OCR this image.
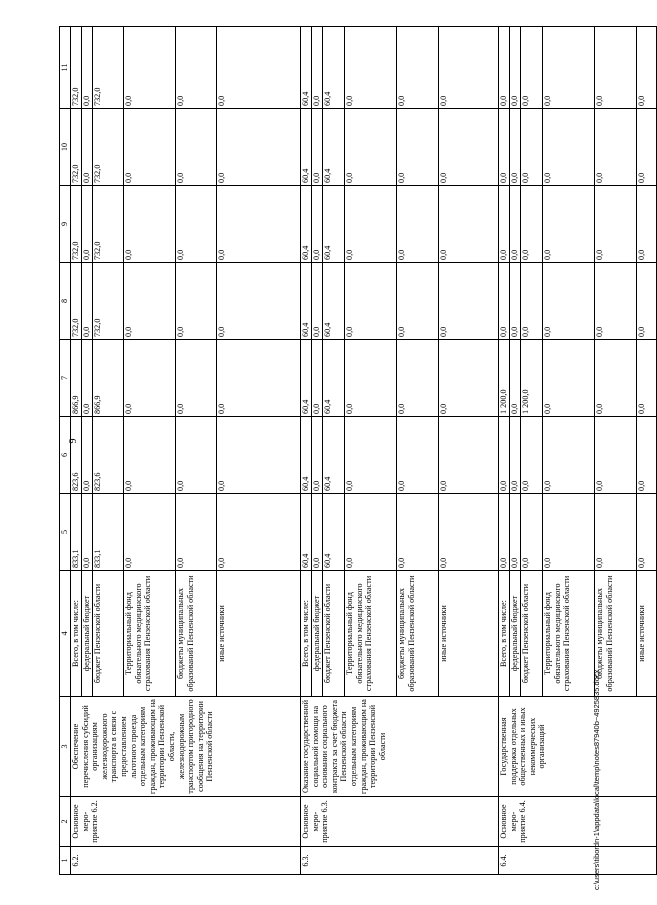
9
1	2	3	4	5	6	7	8	9	10	11
6.2.	Основное меро-приятие 6.2.	Обеспечение перечисления субсидий организациям железнодорожного транспорта в связи с предоставлением льготного проезда отдельным категориям граждан, проживающим на территории Пензенской области, железнодорожным транспортом пригородного сообщения на территории Пензенской области	Всего, в том числе:	833,1	823,6	866,9	732,0	732,0	732,0	732,0
			федеральный бюджет	0,0	0,0	0,0	0,0	0,0	0,0	0,0
			бюджет Пензенской области	833,1	823,6	866,9	732,0	732,0	732,0	732,0
			Территориальный фонд обязательного медицинского страхования Пензенской области	0,0	0,0	0,0	0,0	0,0	0,0	0,0
			бюджеты муниципальных образований Пензенской области	0,0	0,0	0,0	0,0	0,0	0,0	0,0
			иные источники	0,0	0,0	0,0	0,0	0,0	0,0	0,0
6.3.	Основное меро-приятие 6.3.	Оказание государственной социальной помощи на основании социального контракта за счет бюджета Пензенской области отдельным категориям граждан, проживающим на территории Пензенской области	Всего, в том числе:	60,4	60,4	60,4	60,4	60,4	60,4	60,4
			федеральный бюджет	0,0	0,0	0,0	0,0	0,0	0,0	0,0
			бюджет Пензенской области	60,4	60,4	60,4	60,4	60,4	60,4	60,4
			Территориальный фонд обязательного медицинского страхования Пензенской области	0,0	0,0	0,0	0,0	0,0	0,0	0,0
			бюджеты муниципальных образований Пензенской области	0,0	0,0	0,0	0,0	0,0	0,0	0,0
			иные источники	0,0	0,0	0,0	0,0	0,0	0,0	0,0
6.4.	Основное меро-приятие 6.4.	Государственная поддержка отдельных общественных и иных некоммерческих организаций	Всего, в том числе:	0,0	0,0	1 200,0	0,0	0,0	0,0	0,0
			федеральный бюджет	0,0	0,0	0,0	0,0	0,0	0,0	0,0
			бюджет Пензенской области	0,0	0,0	1 200,0	0,0	0,0	0,0	0,0
			Территориальный фонд обязательного медицинского страхования Пензенской области	0,0	0,0	0,0	0,0	0,0	0,0	0,0
			бюджеты муниципальных образований Пензенской области	0,0	0,0	0,0	0,0	0,0	0,0	0,0
			иные источники	0,0	0,0	0,0	0,0	0,0	0,0	0,0
c:\users\tibordn-1\appdata\local\temp\notes87940b~4925835.docx
